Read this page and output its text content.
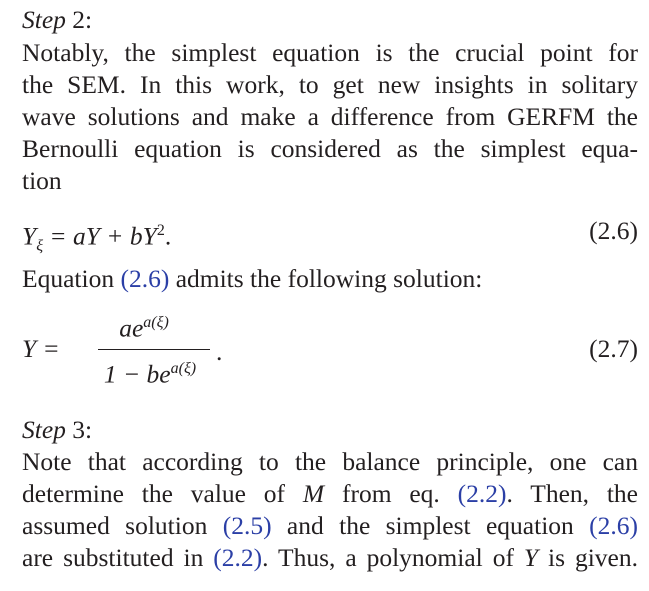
Step 2:
Notably, the simplest equation is the crucial point for
the SEM. In this work, to get new insights in solitary
wave solutions and make a difference from GERFM the
Bernoulli equation is considered as the simplest equa-
tion
$Y_\xi$ = aY + $bY^2$.	(2.6)
Equation (2.6) admits the following solution:
Y =
$ae^{a(\xi)}$
$1 - be^{a(\xi)}$
.	(2.7)
Step 3:
Note that according to the balance principle, one can
determine the value of M from eq. (2.2). Then, the
assumed solution (2.5) and the simplest equation (2.6)
are substituted in (2.2). Thus, a polynomial of Y is given.
